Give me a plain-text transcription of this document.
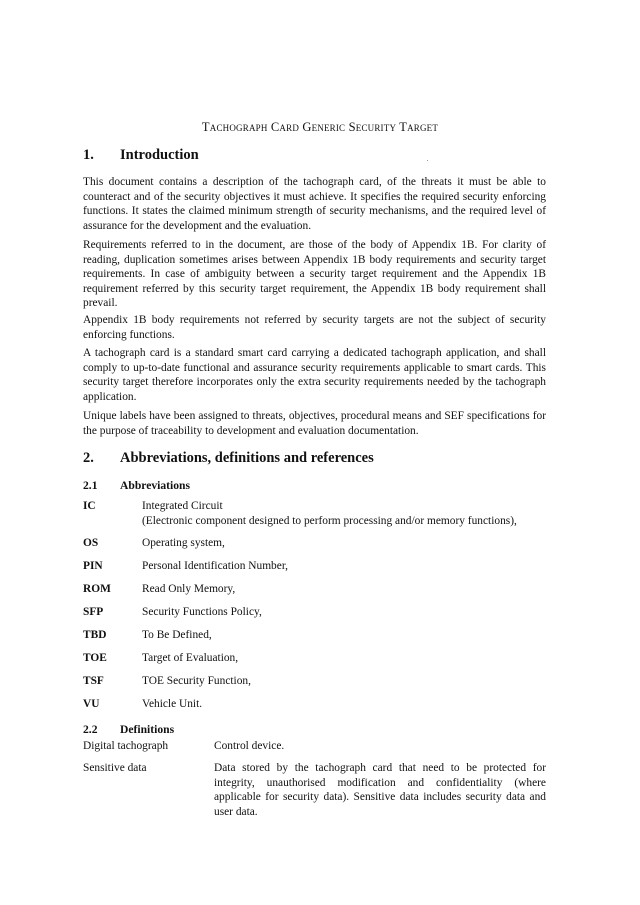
Tachograph Card Generic Security Target
1. Introduction

This document contains a description of the tachograph card, of the threats it must be able to counteract and of the security objectives it must achieve. It specifies the required security enforcing functions. It states the claimed minimum strength of security mechanisms, and the required level of assurance for the development and the evaluation.

Requirements referred to in the document, are those of the body of Appendix 1B. For clarity of reading, duplication sometimes arises between Appendix 1B body requirements and security target requirements. In case of ambiguity between a security target requirement and the Appendix 1B requirement referred by this security target requirement, the Appendix 1B body requirement shall prevail.

Appendix 1B body requirements not referred by security targets are not the subject of security enforcing functions.

A tachograph card is a standard smart card carrying a dedicated tachograph application, and shall comply to up-to-date functional and assurance security requirements applicable to smart cards. This security target therefore incorporates only the extra security requirements needed by the tachograph application.

Unique labels have been assigned to threats, objectives, procedural means and SEF specifications for the purpose of traceability to development and evaluation documentation.

2. Abbreviations, definitions and references
2.1 Abbreviations
IC	Integrated Circuit
(Electronic component designed to perform processing and/or memory functions),
OS	Operating system,
PIN	Personal Identification Number,
ROM	Read Only Memory,
SFP	Security Functions Policy,
TBD	To Be Defined,
TOE	Target of Evaluation,
TSF	TOE Security Function,
VU	Vehicle Unit.
2.2 Definitions
Digital tachograph	Control device.

Sensitive data	Data stored by the tachograph card that need to be protected for integrity, unauthorised modification and confidentiality (where applicable for security data). Sensitive data includes security data and user data.
